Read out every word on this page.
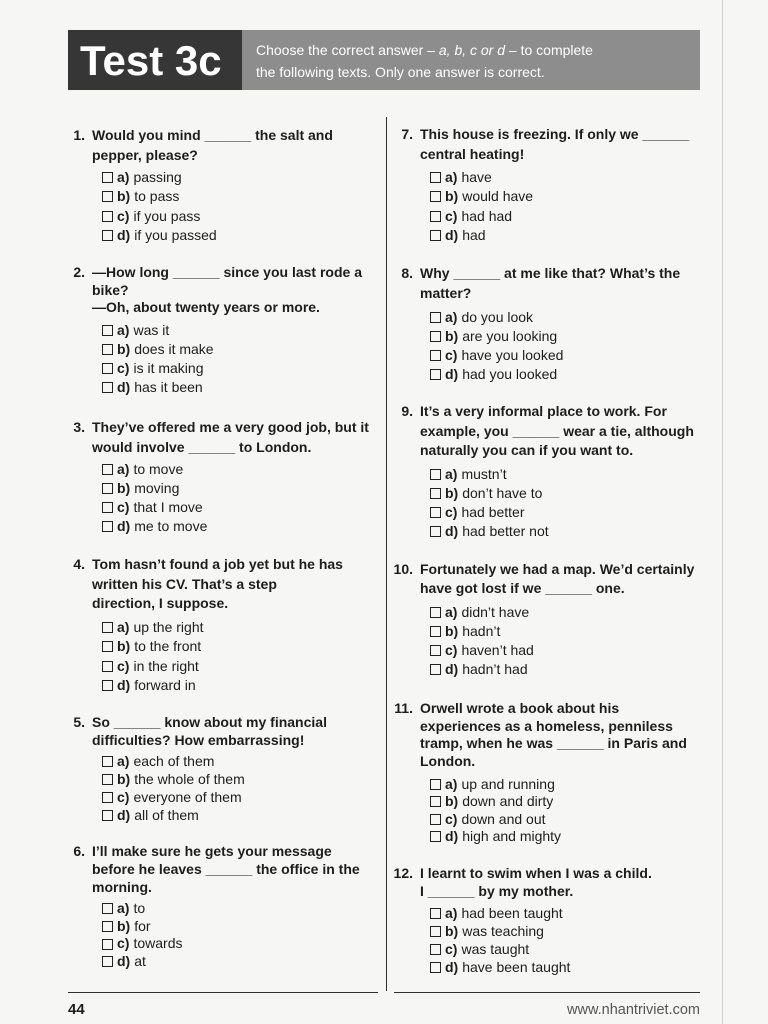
Test 3c Choose the correct answer – a, b, c or d – to complete
the following texts. Only one answer is correct.
1. Would you mind ______ the salt and
pepper, please?
a) passing
b) to pass
c) if you pass
d) if you passed
2. —How long ______ since you last rode a
bike?
—Oh, about twenty years or more.
a) was it
b) does it make
c) is it making
d) has it been
3. They’ve offered me a very good job, but it
would involve ______ to London.
a) to move
b) moving
c) that I move
d) me to move
4. Tom hasn’t found a job yet but he has
written his CV. That’s a step
direction, I suppose.
a) up the right
b) to the front
c) in the right
d) forward in
5. So ______ know about my financial
difficulties? How embarrassing!
a) each of them
b) the whole of them
c) everyone of them
d) all of them
6. I’ll make sure he gets your message
before he leaves ______ the office in the
morning.
a) to
b) for
c) towards
d) at
7. This house is freezing. If only we ______
central heating!
a) have
b) would have
c) had had
d) had
8. Why ______ at me like that? What’s the
matter?
a) do you look
b) are you looking
c) have you looked
d) had you looked
9. It’s a very informal place to work. For
example, you ______ wear a tie, although
naturally you can if you want to.
a) mustn’t
b) don’t have to
c) had better
d) had better not
10. Fortunately we had a map. We’d certainly
have got lost if we ______ one.
a) didn’t have
b) hadn’t
c) haven’t had
d) hadn’t had
11. Orwell wrote a book about his
experiences as a homeless, penniless
tramp, when he was ______ in Paris and
London.
a) up and running
b) down and dirty
c) down and out
d) high and mighty
12. I learnt to swim when I was a child.
I ______ by my mother.
a) had been taught
b) was teaching
c) was taught
d) have been taught
44	www.nhantriviet.com
